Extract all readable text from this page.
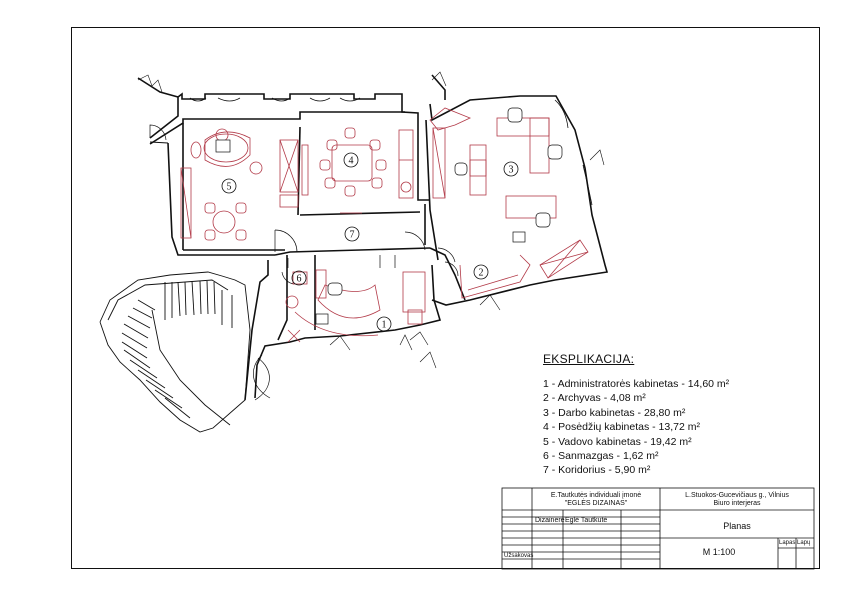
5
4
3
2
1
6
7
EKSPLIKACIJA:
1 - Administratorės kabinetas - 14,60 m²
2 - Archyvas - 4,08 m²
3 - Darbo kabinetas - 28,80 m²
4 - Posėdžių kabinetas - 13,72 m²
5 - Vadovo kabinetas - 19,42 m²
6 - Sanmazgas - 1,62 m²
7 - Koridorius - 5,90 m²
E.Tautkutės individuali įmonė
"EGLĖS DIZAINAS"
L.Stuokos-Gucevičiaus g., Vilnius
Biuro interjeras
Dizainerė Eglė Tautkutė
Planas
M 1:100
Lapas Lapų
Užsakovas
